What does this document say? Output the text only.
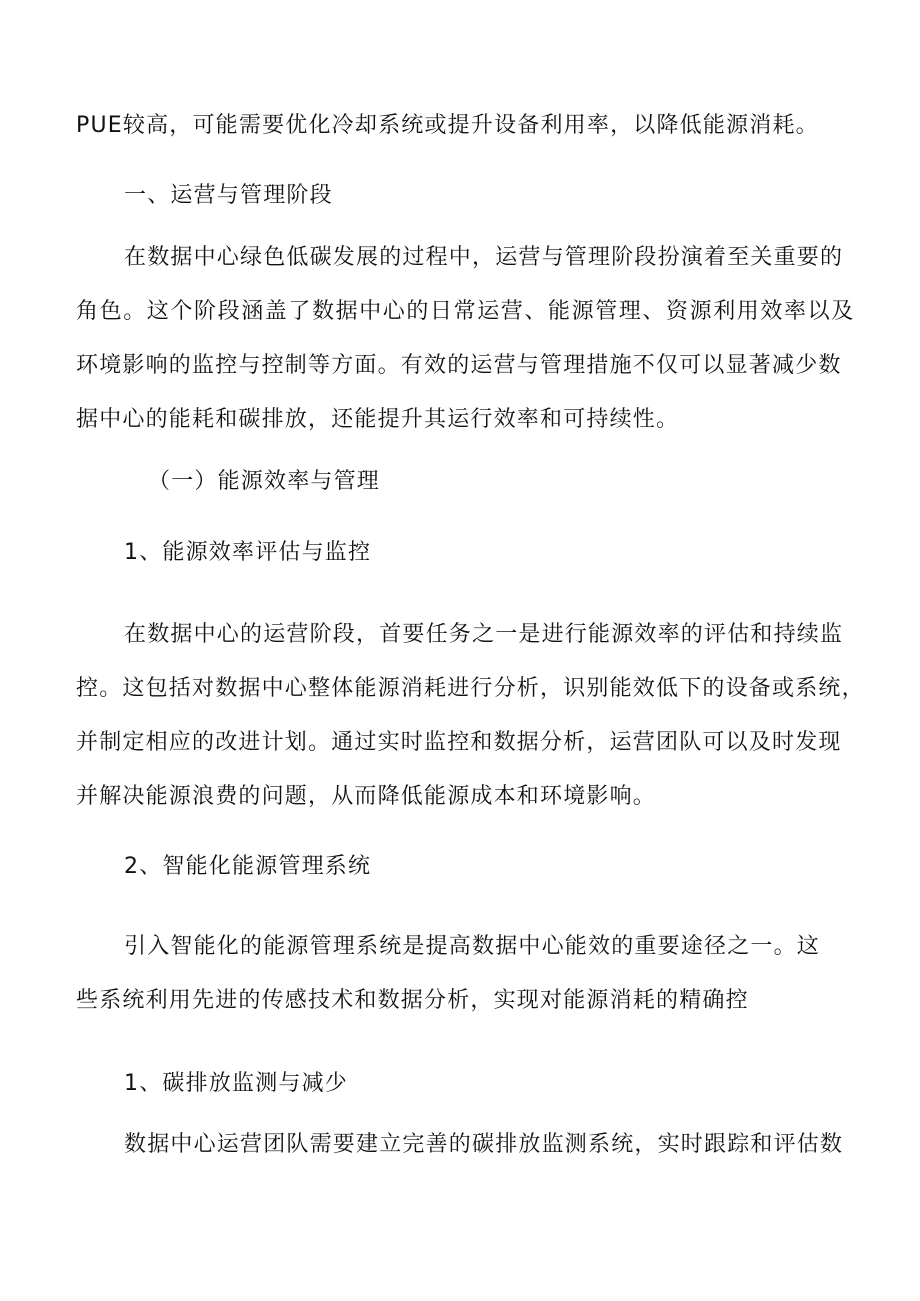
PUE较高，可能需要优化冷却系统或提升设备利用率，以降低能源消耗。
一、运营与管理阶段
在数据中心绿色低碳发展的过程中，运营与管理阶段扮演着至关重要的
角色。这个阶段涵盖了数据中心的日常运营、能源管理、资源利用效率以及
环境影响的监控与控制等方面。有效的运营与管理措施不仅可以显著减少数
据中心的能耗和碳排放，还能提升其运行效率和可持续性。
（一）能源效率与管理
1、能源效率评估与监控
在数据中心的运营阶段，首要任务之一是进行能源效率的评估和持续监
控。这包括对数据中心整体能源消耗进行分析，识别能效低下的设备或系统，
并制定相应的改进计划。通过实时监控和数据分析，运营团队可以及时发现
并解决能源浪费的问题，从而降低能源成本和环境影响。
2、智能化能源管理系统
引入智能化的能源管理系统是提高数据中心能效的重要途径之一。这
些系统利用先进的传感技术和数据分析，实现对能源消耗的精确控
1、碳排放监测与减少
数据中心运营团队需要建立完善的碳排放监测系统，实时跟踪和评估数
